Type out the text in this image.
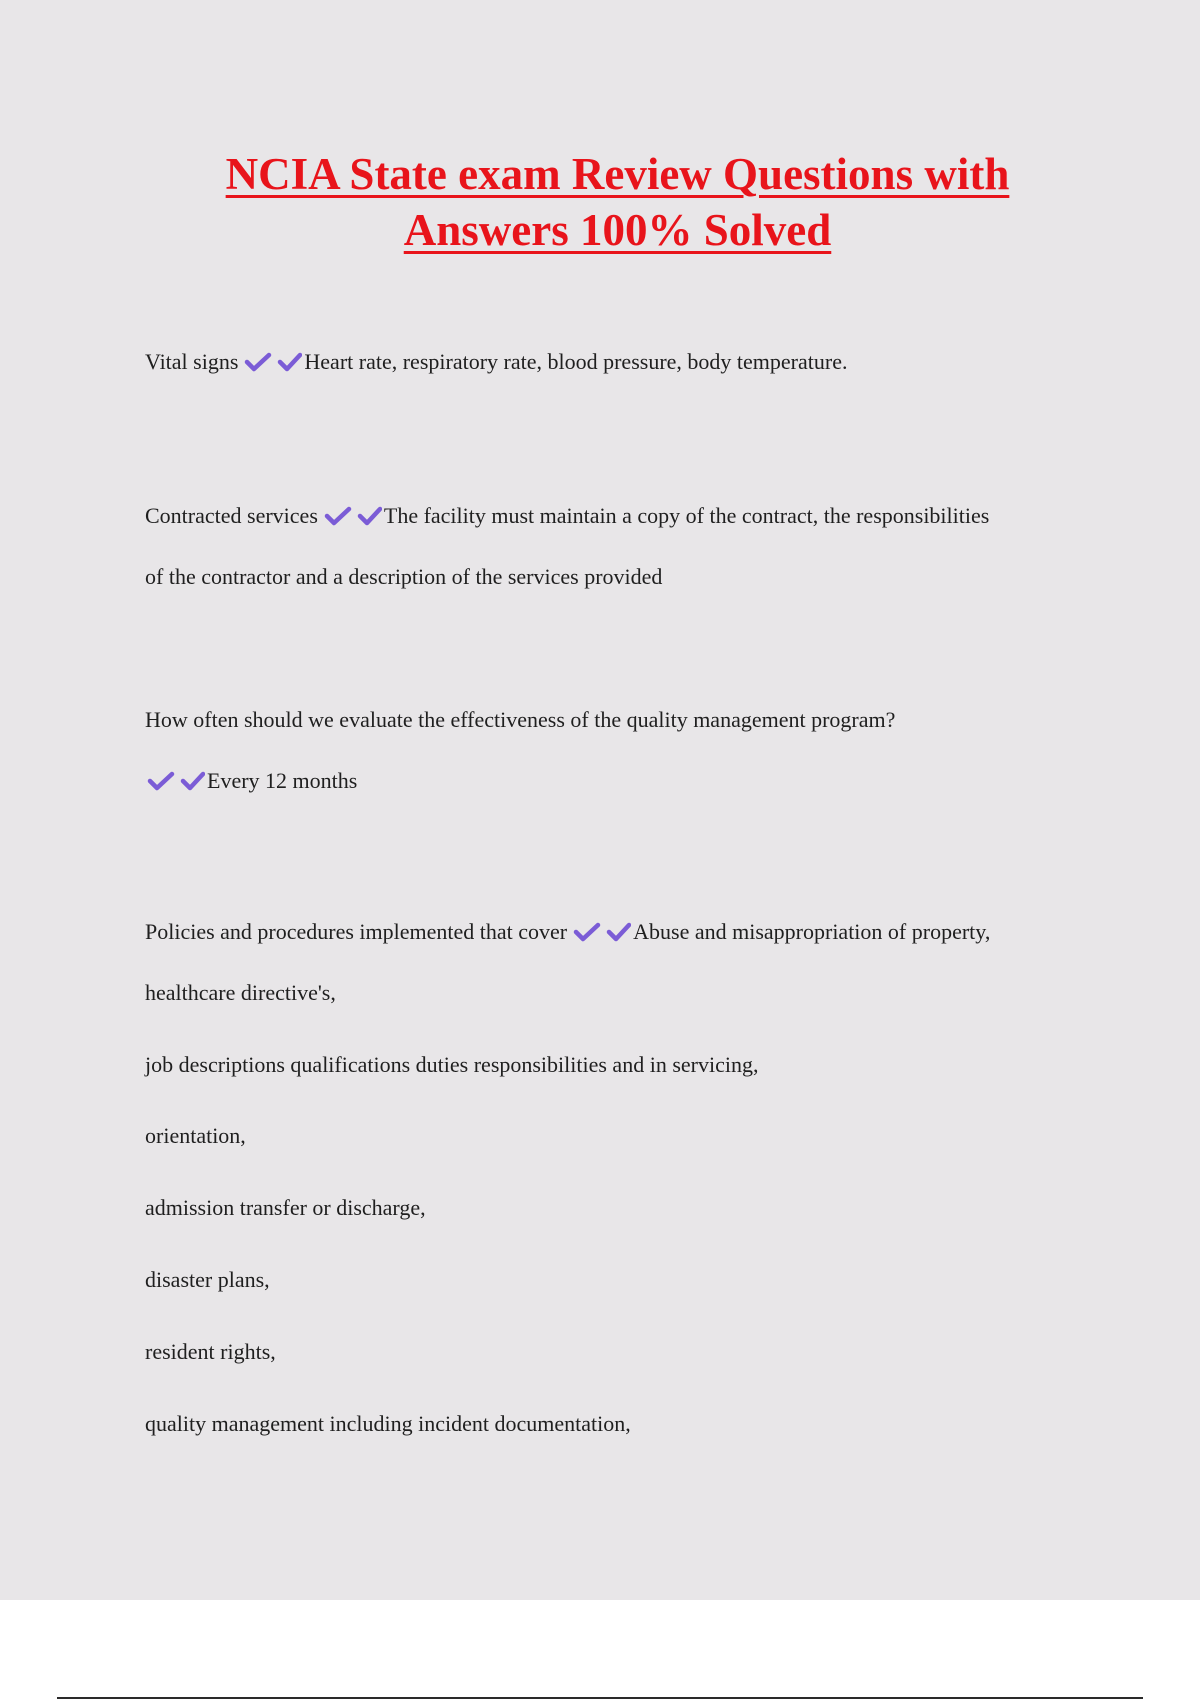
NCIA State exam Review Questions with
Answers 100% Solved
Vital signs	Heart rate, respiratory rate, blood pressure, body temperature.
Contracted services	The facility must maintain a copy of the contract, the responsibilities
of the contractor and a description of the services provided
How often should we evaluate the effectiveness of the quality management program?
Every 12 months
Policies and procedures implemented that cover	Abuse and misappropriation of property,
healthcare directive's,
job descriptions qualifications duties responsibilities and in servicing,
orientation,
admission transfer or discharge,
disaster plans,
resident rights,
quality management including incident documentation,
